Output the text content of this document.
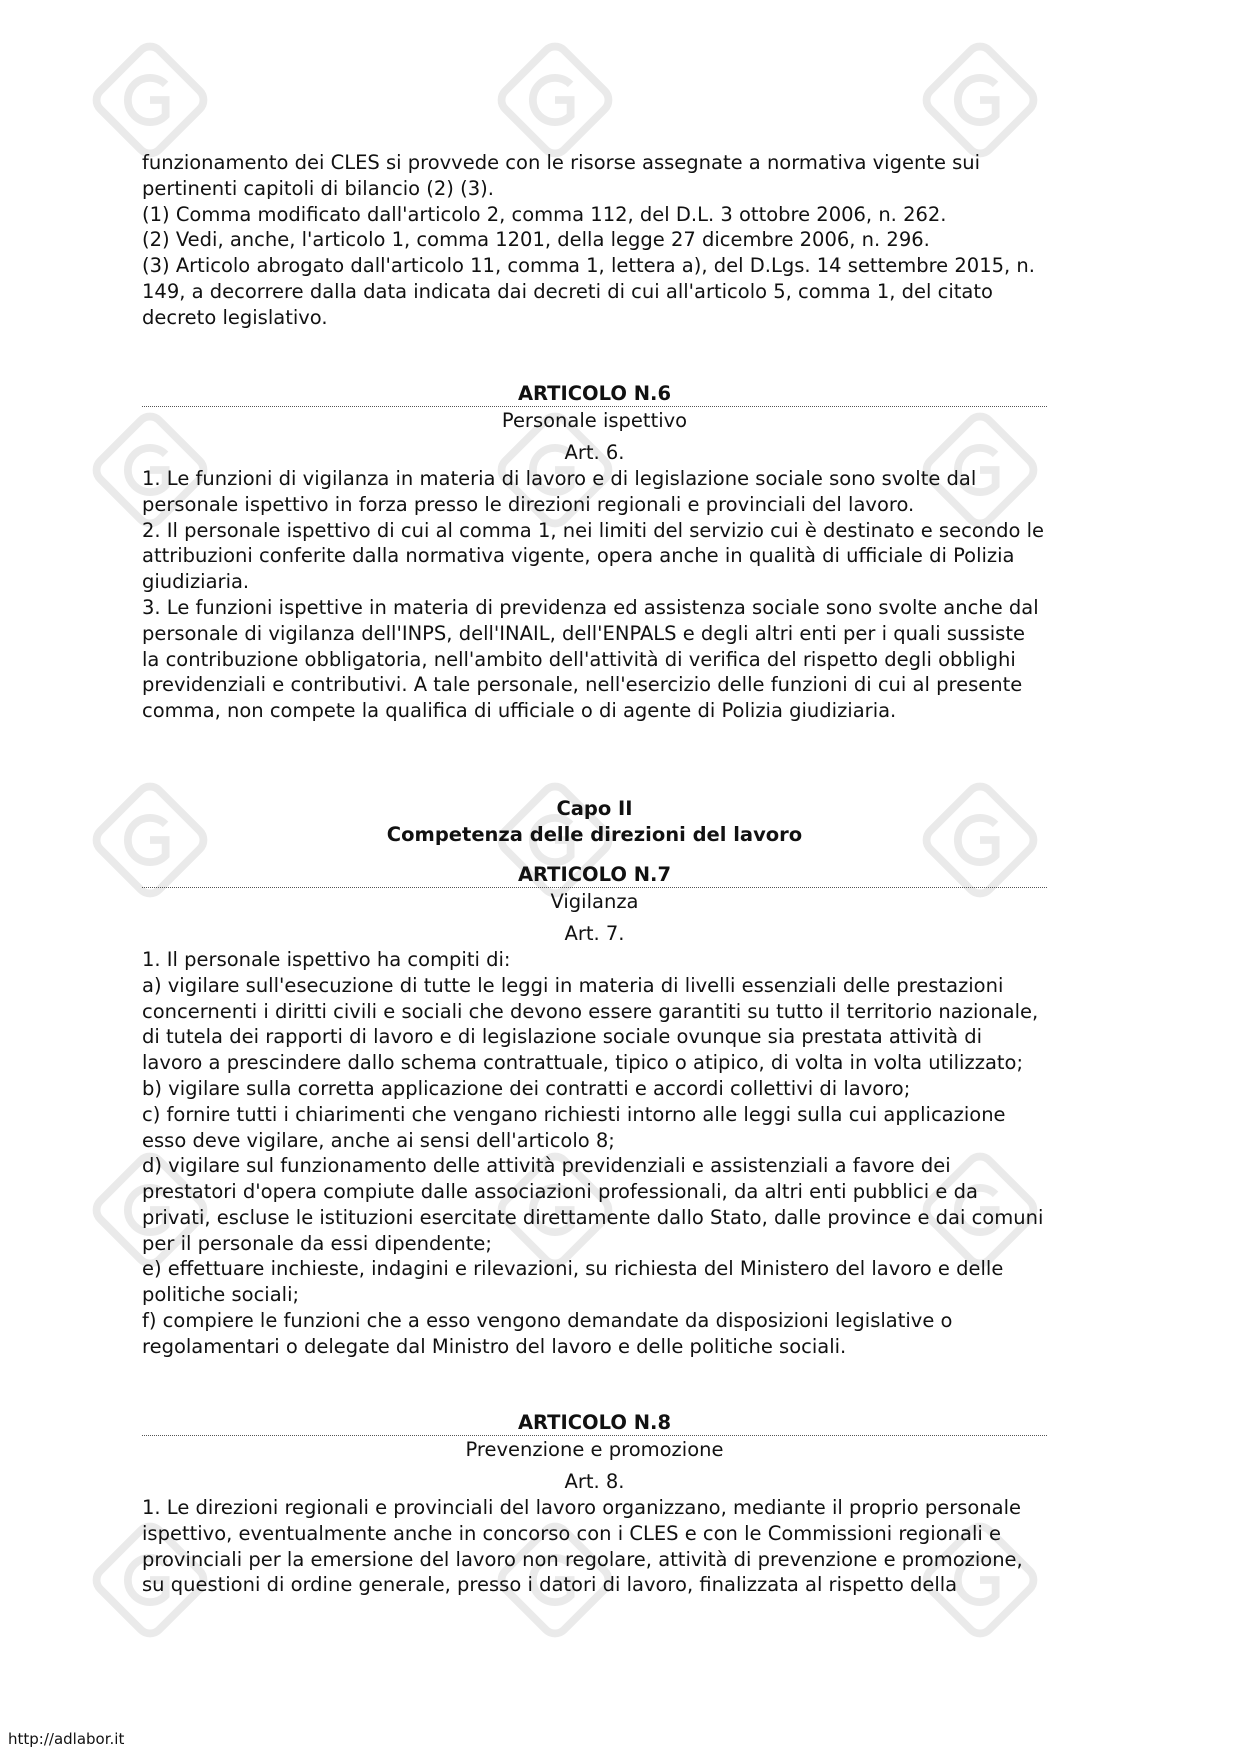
funzionamento dei CLES si provvede con le risorse assegnate a normativa vigente sui pertinenti capitoli di bilancio (2) (3).

(1) Comma modificato dall'articolo 2, comma 112, del D.L. 3 ottobre 2006, n. 262.

(2) Vedi, anche, l'articolo 1, comma 1201, della legge 27 dicembre 2006, n. 296.

(3) Articolo abrogato dall'articolo 11, comma 1, lettera a), del D.Lgs. 14 settembre 2015, n. 149, a decorrere dalla data indicata dai decreti di cui all'articolo 5, comma 1, del citato decreto legislativo.

ARTICOLO N.6
Personale ispettivo
Art. 6.

1. Le funzioni di vigilanza in materia di lavoro e di legislazione sociale sono svolte dal personale ispettivo in forza presso le direzioni regionali e provinciali del lavoro.

2. Il personale ispettivo di cui al comma 1, nei limiti del servizio cui è destinato e secondo le attribuzioni conferite dalla normativa vigente, opera anche in qualità di ufficiale di Polizia giudiziaria.

3. Le funzioni ispettive in materia di previdenza ed assistenza sociale sono svolte anche dal personale di vigilanza dell'INPS, dell'INAIL, dell'ENPALS e degli altri enti per i quali sussiste la contribuzione obbligatoria, nell'ambito dell'attività di verifica del rispetto degli obblighi previdenziali e contributivi. A tale personale, nell'esercizio delle funzioni di cui al presente comma, non compete la qualifica di ufficiale o di agente di Polizia giudiziaria.

Capo II
Competenza delle direzioni del lavoro
ARTICOLO N.7
Vigilanza
Art. 7.

1. Il personale ispettivo ha compiti di:

a) vigilare sull'esecuzione di tutte le leggi in materia di livelli essenziali delle prestazioni concernenti i diritti civili e sociali che devono essere garantiti su tutto il territorio nazionale, di tutela dei rapporti di lavoro e di legislazione sociale ovunque sia prestata attività di lavoro a prescindere dallo schema contrattuale, tipico o atipico, di volta in volta utilizzato;

b) vigilare sulla corretta applicazione dei contratti e accordi collettivi di lavoro;

c) fornire tutti i chiarimenti che vengano richiesti intorno alle leggi sulla cui applicazione esso deve vigilare, anche ai sensi dell'articolo 8;

d) vigilare sul funzionamento delle attività previdenziali e assistenziali a favore dei prestatori d'opera compiute dalle associazioni professionali, da altri enti pubblici e da privati, escluse le istituzioni esercitate direttamente dallo Stato, dalle province e dai comuni per il personale da essi dipendente;

e) effettuare inchieste, indagini e rilevazioni, su richiesta del Ministero del lavoro e delle politiche sociali;

f) compiere le funzioni che a esso vengono demandate da disposizioni legislative o regolamentari o delegate dal Ministro del lavoro e delle politiche sociali.

ARTICOLO N.8
Prevenzione e promozione
Art. 8.

1. Le direzioni regionali e provinciali del lavoro organizzano, mediante il proprio personale ispettivo, eventualmente anche in concorso con i CLES e con le Commissioni regionali e provinciali per la emersione del lavoro non regolare, attività di prevenzione e promozione, su questioni di ordine generale, presso i datori di lavoro, finalizzata al rispetto della

http://adlabor.it
